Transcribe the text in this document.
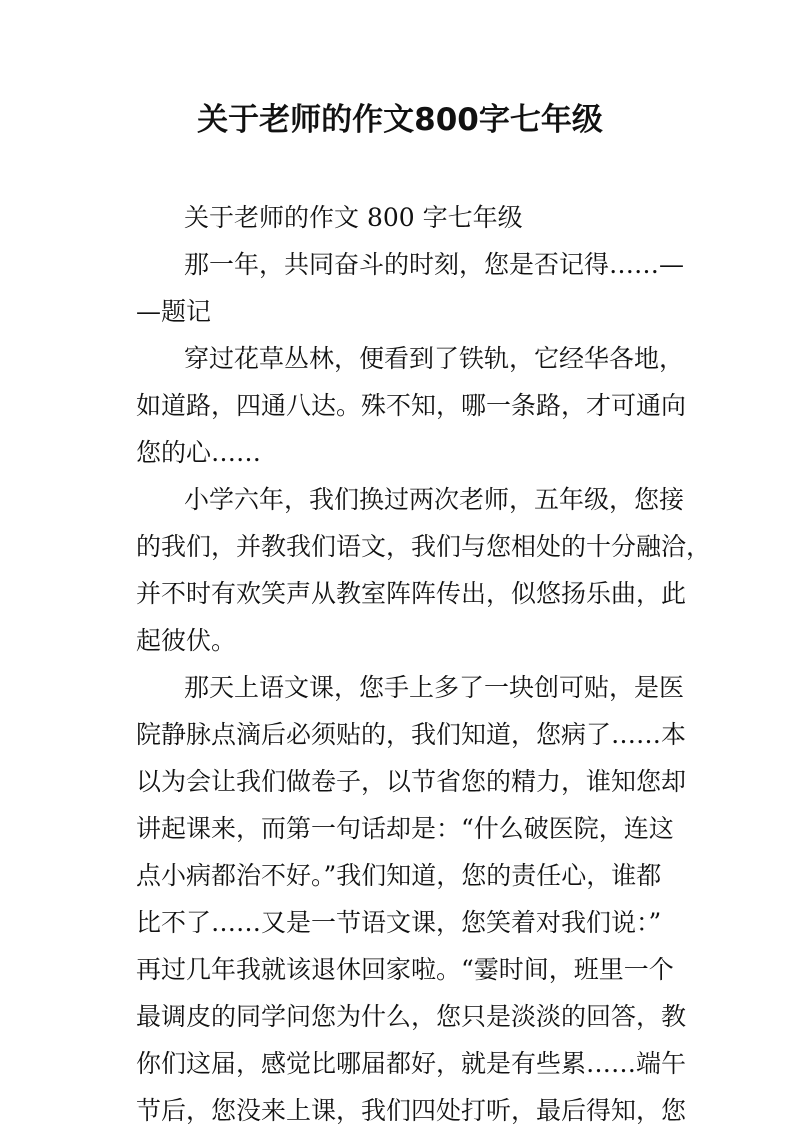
关于老师的作文800字七年级
关于老师的作文 800 字七年级
那一年，共同奋斗的时刻，您是否记得……—
—题记
穿过花草丛林，便看到了铁轨，它经华各地，
如道路，四通八达。殊不知，哪一条路，才可通向
您的心……
小学六年，我们换过两次老师，五年级，您接
的我们，并教我们语文，我们与您相处的十分融洽，
并不时有欢笑声从教室阵阵传出，似悠扬乐曲，此
起彼伏。
那天上语文课，您手上多了一块创可贴，是医
院静脉点滴后必须贴的，我们知道，您病了……本
以为会让我们做卷子，以节省您的精力，谁知您却
讲起课来，而第一句话却是：“什么破医院，连这
点小病都治不好。”我们知道，您的责任心，谁都
比不了……又是一节语文课，您笑着对我们说：”
再过几年我就该退休回家啦。“霎时间，班里一个
最调皮的同学问您为什么，您只是淡淡的回答，教
你们这届，感觉比哪届都好，就是有些累……端午
节后，您没来上课，我们四处打听，最后得知，您
